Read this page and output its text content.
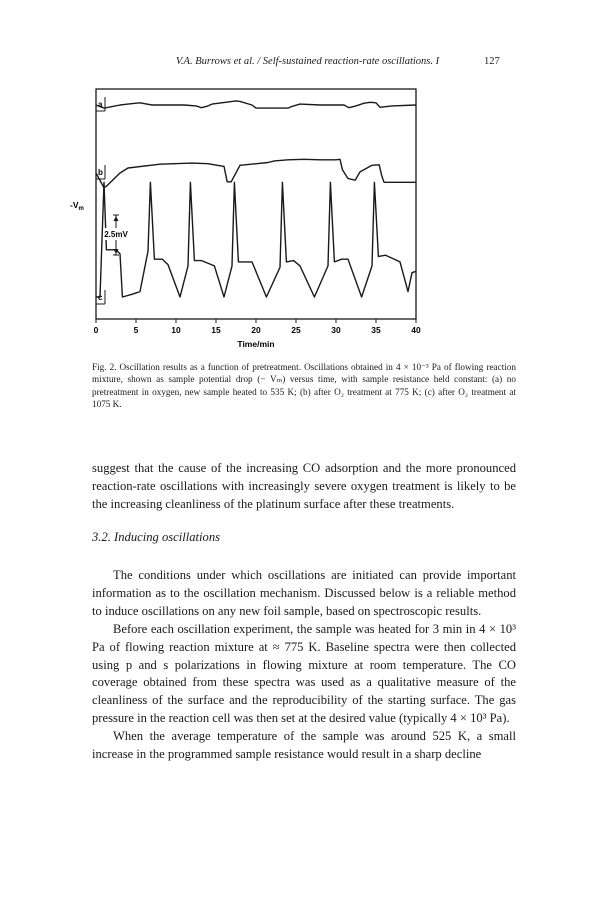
V.A. Burrows et al. / Self-sustained reaction-rate oscillations. I	127
a
b
c
$-V_m$
2.5mV
0	5	10	15	20	25	30	35	40
Time/min
Fig. 2. Oscillation results as a function of pretreatment. Oscillations obtained in 4 × 10⁻³ Pa of flowing reaction mixture, shown as sample potential drop (− Vₘ) versus time, with sample resistance held constant: (a) no pretreatment in oxygen, new sample heated to 535 K; (b) after O₂ treatment at 775 K; (c) after O₂ treatment at 1075 K.

suggest that the cause of the increasing CO adsorption and the more pronounced reaction-rate oscillations with increasingly severe oxygen treatment is likely to be the increasing cleanliness of the platinum surface after these treatments.

3.2. Inducing oscillations

The conditions under which oscillations are initiated can provide important information as to the oscillation mechanism. Discussed below is a reliable method to induce oscillations on any new foil sample, based on spectroscopic results.

Before each oscillation experiment, the sample was heated for 3 min in 4 × 10³ Pa of flowing reaction mixture at ≈ 775 K. Baseline spectra were then collected using p and s polarizations in flowing mixture at room temperature. The CO coverage obtained from these spectra was used as a qualitative measure of the cleanliness of the surface and the reproducibility of the starting surface. The gas pressure in the reaction cell was then set at the desired value (typically 4 × 10³ Pa).

When the average temperature of the sample was around 525 K, a small increase in the programmed sample resistance would result in a sharp decline
